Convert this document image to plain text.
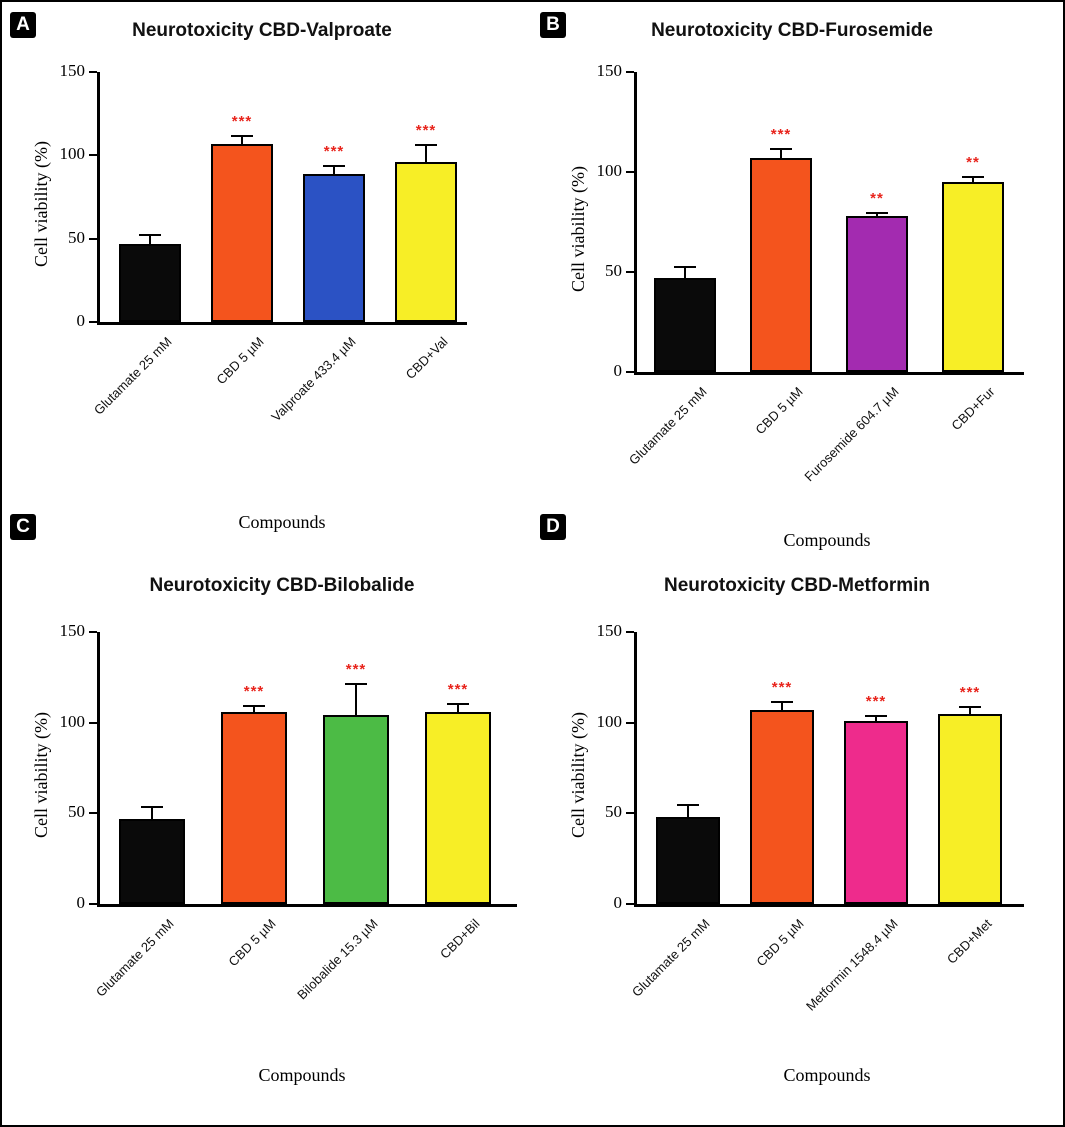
A	Neurotoxicity CBD-Valproate
0
50
100
150
Cell viability (%)
Glutamate 25 mM
***
CBD 5 µM
***
Valproate 433.4 µM
***
CBD+Val
Compounds
B	Neurotoxicity CBD-Furosemide
0
50
100
150
Cell viability (%)
Glutamate 25 mM
***
CBD 5 µM
**
Furosemide 604.7 µM
**
CBD+Fur
Compounds
C
Neurotoxicity CBD-Bilobalide
0
50
100
150
Cell viability (%)
Glutamate 25 mM
***
CBD 5 µM
***
Bilobalide 15.3 µM
***
CBD+Bil
Compounds
D
Neurotoxicity CBD-Metformin
0
50
100
150
Cell viability (%)
Glutamate 25 mM
***
CBD 5 µM
***
Metformin 1548.4 µM
***
CBD+Met
Compounds
